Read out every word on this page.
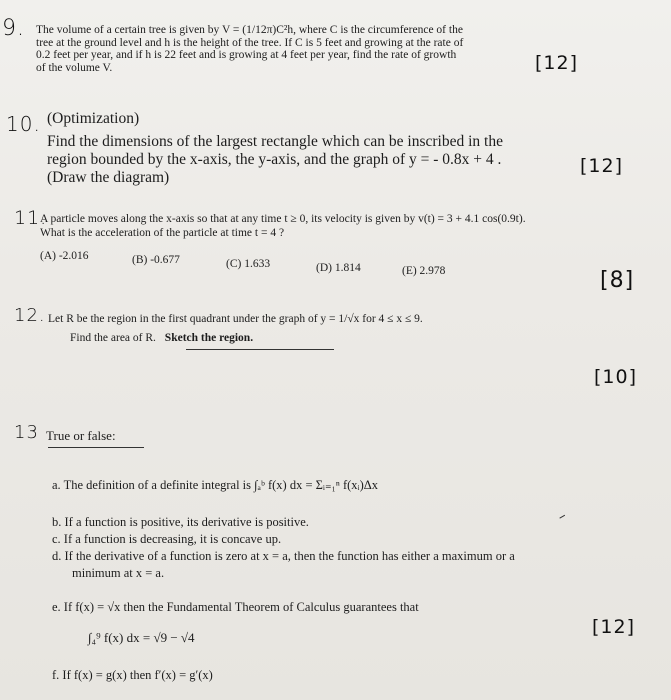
9. The volume of a certain tree is given by V = (1/12π)C²h, where C is the circumference of the
tree at the ground level and h is the height of the tree. If C is 5 feet and growing at the rate of
0.2 feet per year, and if h is 22 feet and is growing at 4 feet per year, find the rate of growth
of the volume V.	[12]
10. (Optimization)
Find the dimensions of the largest rectangle which can be inscribed in the
region bounded by the x-axis, the y-axis, and the graph of y = - 0.8x + 4 .
(Draw the diagram)
[12]
11.
A particle moves along the x-axis so that at any time t ≥ 0, its velocity is given by v(t) = 3 + 4.1 cos(0.9t).
What is the acceleration of the particle at time t = 4 ?
(A) -2.016	(B) -0.677	(C) 1.633	(D) 1.814	(E) 2.978	[8]
12. Let R be the region in the first quadrant under the graph of y = 1/√x for 4 ≤ x ≤ 9.
Find the area of R. Sketch the region.
[10]
13 True or false:
a. The definition of a definite integral is ∫ₐᵇ f(x) dx = Σᵢ₌₁ⁿ f(xᵢ)Δx
b. If a function is positive, its derivative is positive.
c. If a function is decreasing, it is concave up.
d. If the derivative of a function is zero at x = a, then the function has either a maximum or a
minimum at x = a.
e. If f(x) = √x then the Fundamental Theorem of Calculus guarantees that
∫₄⁹ f(x) dx = √9 − √4
f. If f(x) = g(x) then f′(x) = g′(x)
[12]
